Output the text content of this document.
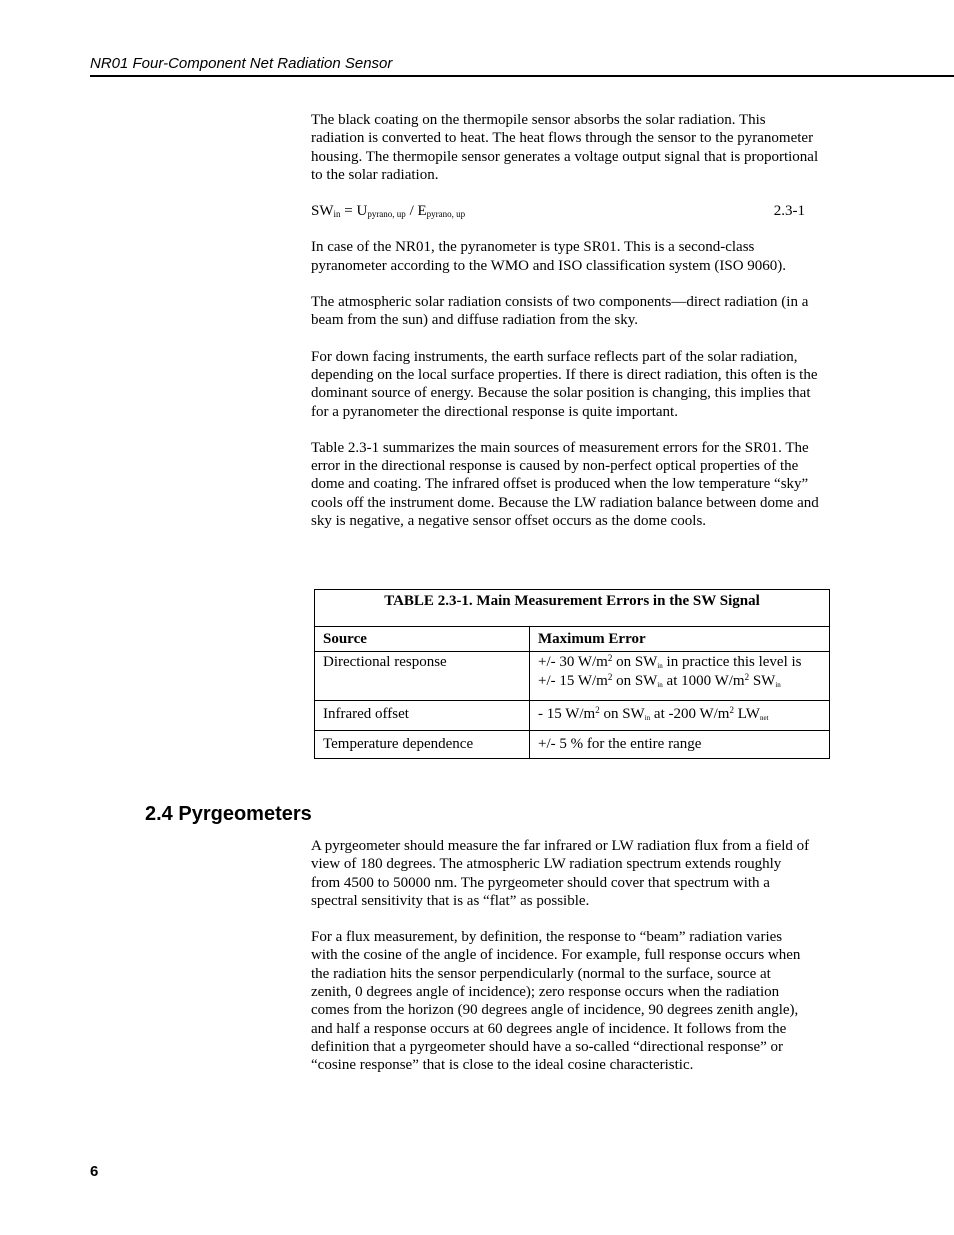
NR01 Four-Component Net Radiation Sensor

The black coating on the thermopile sensor absorbs the solar radiation. This radiation is converted to heat. The heat flows through the sensor to the pyranometer housing. The thermopile sensor generates a voltage output signal that is proportional to the solar radiation.

$SW_{in} = U_{pyrano, up} / E_{pyrano, up}$	2.3-1

In case of the NR01, the pyranometer is type SR01. This is a second-class pyranometer according to the WMO and ISO classification system (ISO 9060).

The atmospheric solar radiation consists of two components—direct radiation (in a beam from the sun) and diffuse radiation from the sky.

For down facing instruments, the earth surface reflects part of the solar radiation, depending on the local surface properties. If there is direct radiation, this often is the dominant source of energy. Because the solar position is changing, this implies that for a pyranometer the directional response is quite important.

Table 2.3-1 summarizes the main sources of measurement errors for the SR01. The error in the directional response is caused by non-perfect optical properties of the dome and coating. The infrared offset is produced when the low temperature “sky” cools off the instrument dome. Because the LW radiation balance between dome and sky is negative, a negative sensor offset occurs as the dome cools.

TABLE 2.3-1. Main Measurement Errors in the SW Signal
Source	Maximum Error
Directional response	+/- 30 $W/m^2$ on $SW_{in}$ in practice this level is
+/- 15 $W/m^2$ on $SW_{in}$ at 1000 $W/m^2$ $SW_{in}$
Infrared offset	- 15 $W/m^2$ on $SW_{in}$ at -200 $W/m^2$ $LW_{net}$
Temperature dependence	+/- 5 % for the entire range
2.4 Pyrgeometers

A pyrgeometer should measure the far infrared or LW radiation flux from a field of view of 180 degrees. The atmospheric LW radiation spectrum extends roughly from 4500 to 50000 nm. The pyrgeometer should cover that spectrum with a spectral sensitivity that is as “flat” as possible.

For a flux measurement, by definition, the response to “beam” radiation varies with the cosine of the angle of incidence. For example, full response occurs when the radiation hits the sensor perpendicularly (normal to the surface, source at zenith, 0 degrees angle of incidence); zero response occurs when the radiation comes from the horizon (90 degrees angle of incidence, 90 degrees zenith angle), and half a response occurs at 60 degrees angle of incidence. It follows from the definition that a pyrgeometer should have a so-called “directional response” or “cosine response” that is close to the ideal cosine characteristic.

6
